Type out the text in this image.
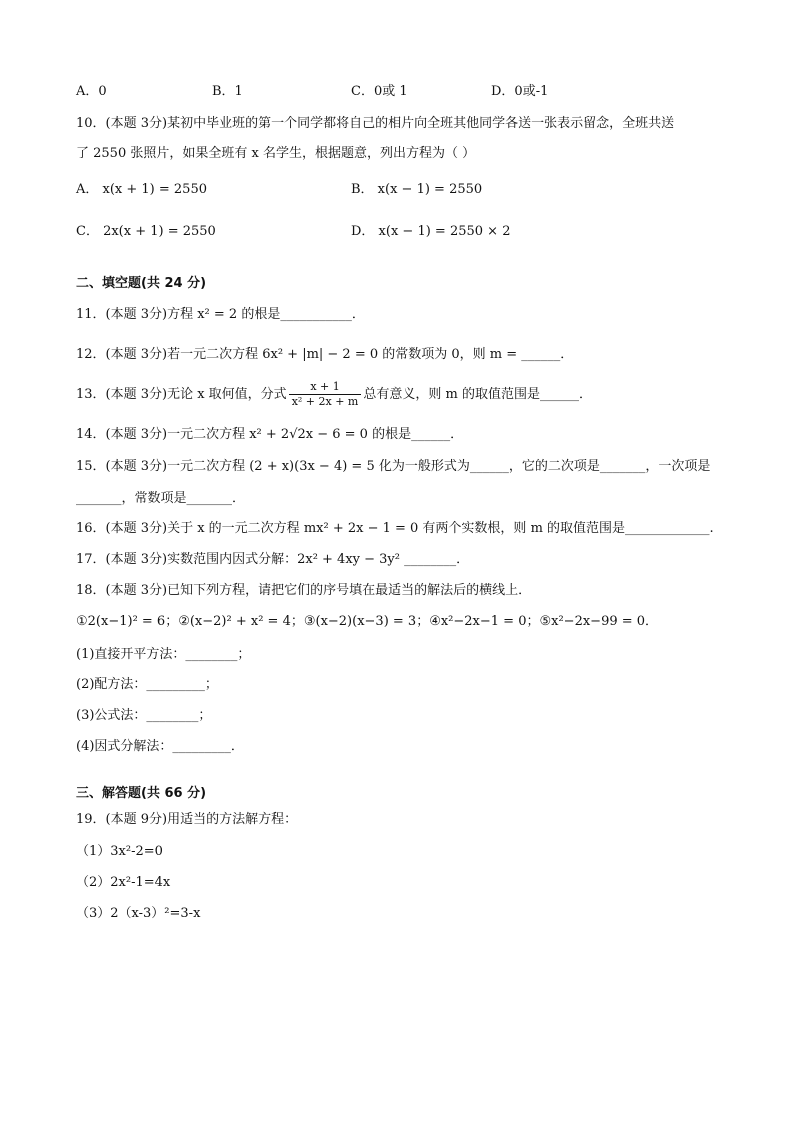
A．0	B．1	C．0或 1	D．0或-1
10．(本题 3分)某初中毕业班的第一个同学都将自己的相片向全班其他同学各送一张表示留念，全班共送
了 2550 张照片，如果全班有 x 名学生，根据题意，列出方程为（ ）
A． x(x + 1) = 2550	B． x(x − 1) = 2550
C． 2x(x + 1) = 2550	D． x(x − 1) = 2550 × 2
二、填空题(共 24 分)
11．(本题 3分)方程 x² = 2 的根是___________．
12．(本题 3分)若一元二次方程 6x² + |m| − 2 = 0 的常数项为 0，则 m = ______．
13．(本题 3分)无论 x 取何值，分式 $\frac{x + 1}{\text{x² + 2x + m}}$ 总有意义，则 m 的取值范围是______．
14．(本题 3分)一元二次方程 x² + 2√2x − 6 = 0 的根是______．
15．(本题 3分)一元二次方程 (2 + x)(3x − 4) = 5 化为一般形式为______，它的二次项是_______，一次项是
_______，常数项是_______．
16．(本题 3分)关于 x 的一元二次方程 mx² + 2x − 1 = 0 有两个实数根，则 m 的取值范围是_____________.
17．(本题 3分)实数范围内因式分解：2x² + 4xy − 3y² ________．
18．(本题 3分)已知下列方程，请把它们的序号填在最适当的解法后的横线上．
①2(x−1)² = 6；②(x−2)² + x² = 4；③(x−2)(x−3) = 3；④x²−2x−1 = 0；⑤x²−2x−99 = 0．
(1)直接开平方法：________；
(2)配方法：_________；
(3)公式法：________；
(4)因式分解法：_________．
三、解答题(共 66 分)
19．(本题 9分)用适当的方法解方程：
（1）3x²-2=0
（2）2x²-1=4x
（3）2（x-3）²=3-x
